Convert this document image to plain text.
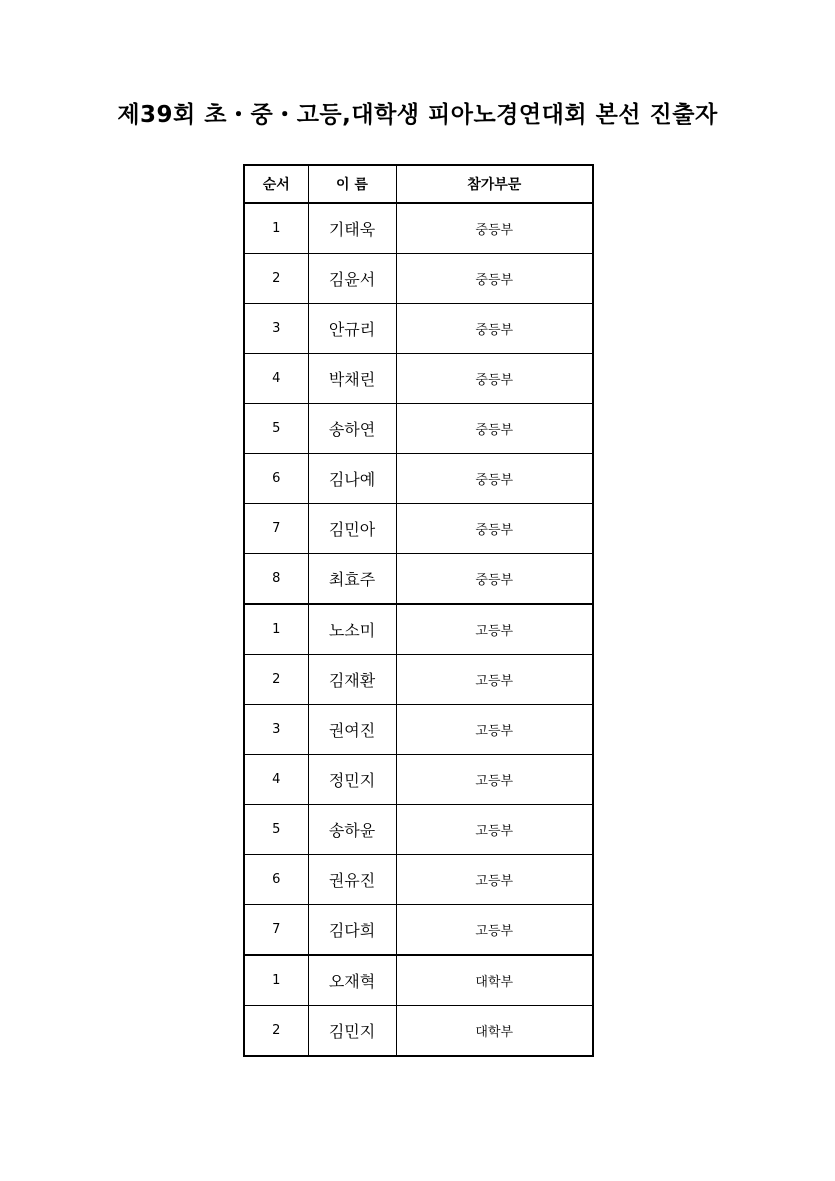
제39회 초・중・고등,대학생 피아노경연대회 본선 진출자
순서	이 름	참가부문
1	기태욱	중등부
2	김윤서	중등부
3	안규리	중등부
4	박채린	중등부
5	송하연	중등부
6	김나예	중등부
7	김민아	중등부
8	최효주	중등부
1	노소미	고등부
2	김재환	고등부
3	권여진	고등부
4	정민지	고등부
5	송하윤	고등부
6	권유진	고등부
7	김다희	고등부
1	오재혁	대학부
2	김민지	대학부
